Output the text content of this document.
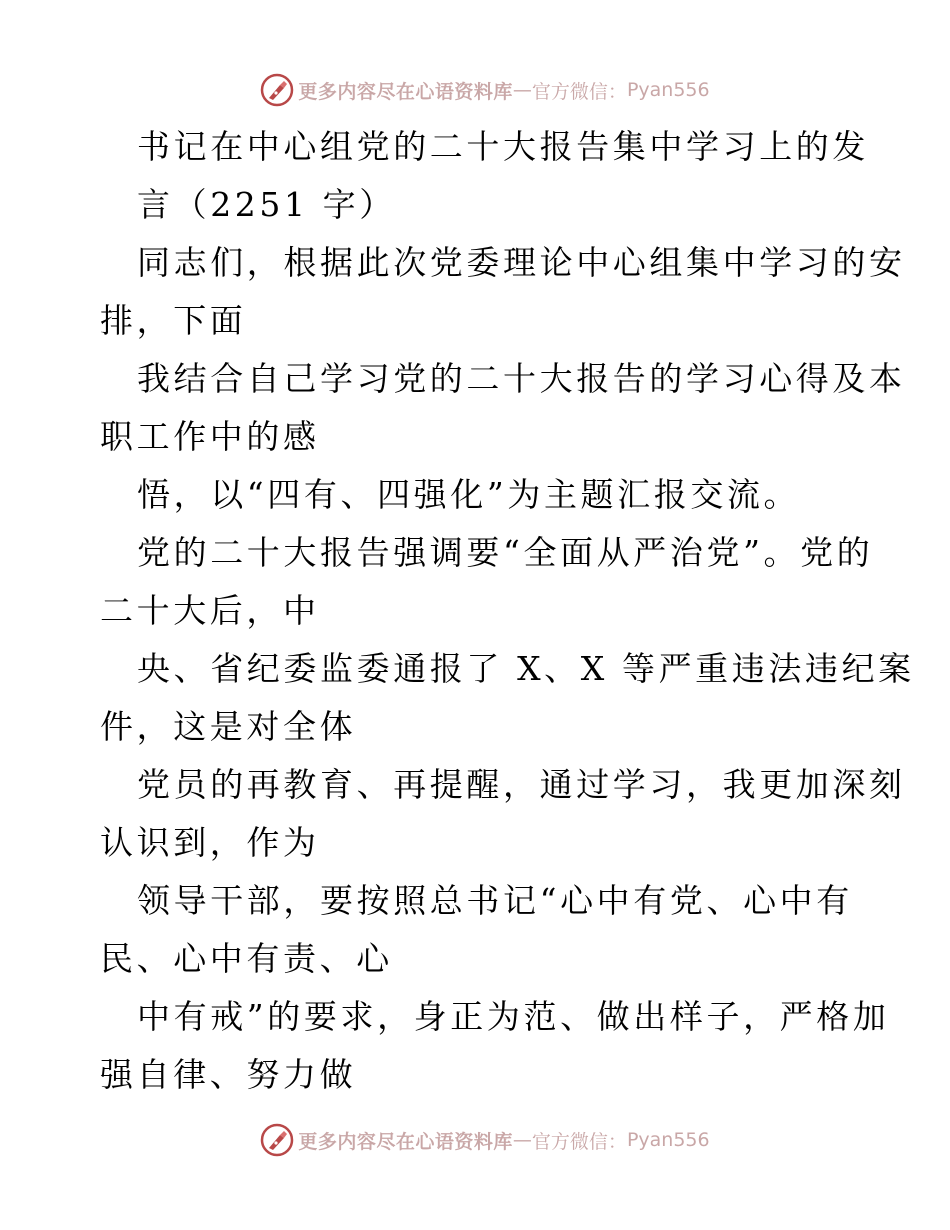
更多内容尽在心语资料库 — 官方微信： Pyan556
书记在中心组党的二十大报告集中学习上的发
言（2251 字）
同志们，根据此次党委理论中心组集中学习的安
排，下面
我结合自己学习党的二十大报告的学习心得及本
职工作中的感
悟，以“四有、四强化”为主题汇报交流。
党的二十大报告强调要“全面从严治党”。党的
二十大后，中
央、省纪委监委通报了 X、X 等严重违法违纪案
件，这是对全体
党员的再教育、再提醒，通过学习，我更加深刻
认识到，作为
领导干部，要按照总书记“心中有党、心中有
民、心中有责、心
中有戒”的要求，身正为范、做出样子，严格加
强自律、努力做
更多内容尽在心语资料库 — 官方微信： Pyan556
